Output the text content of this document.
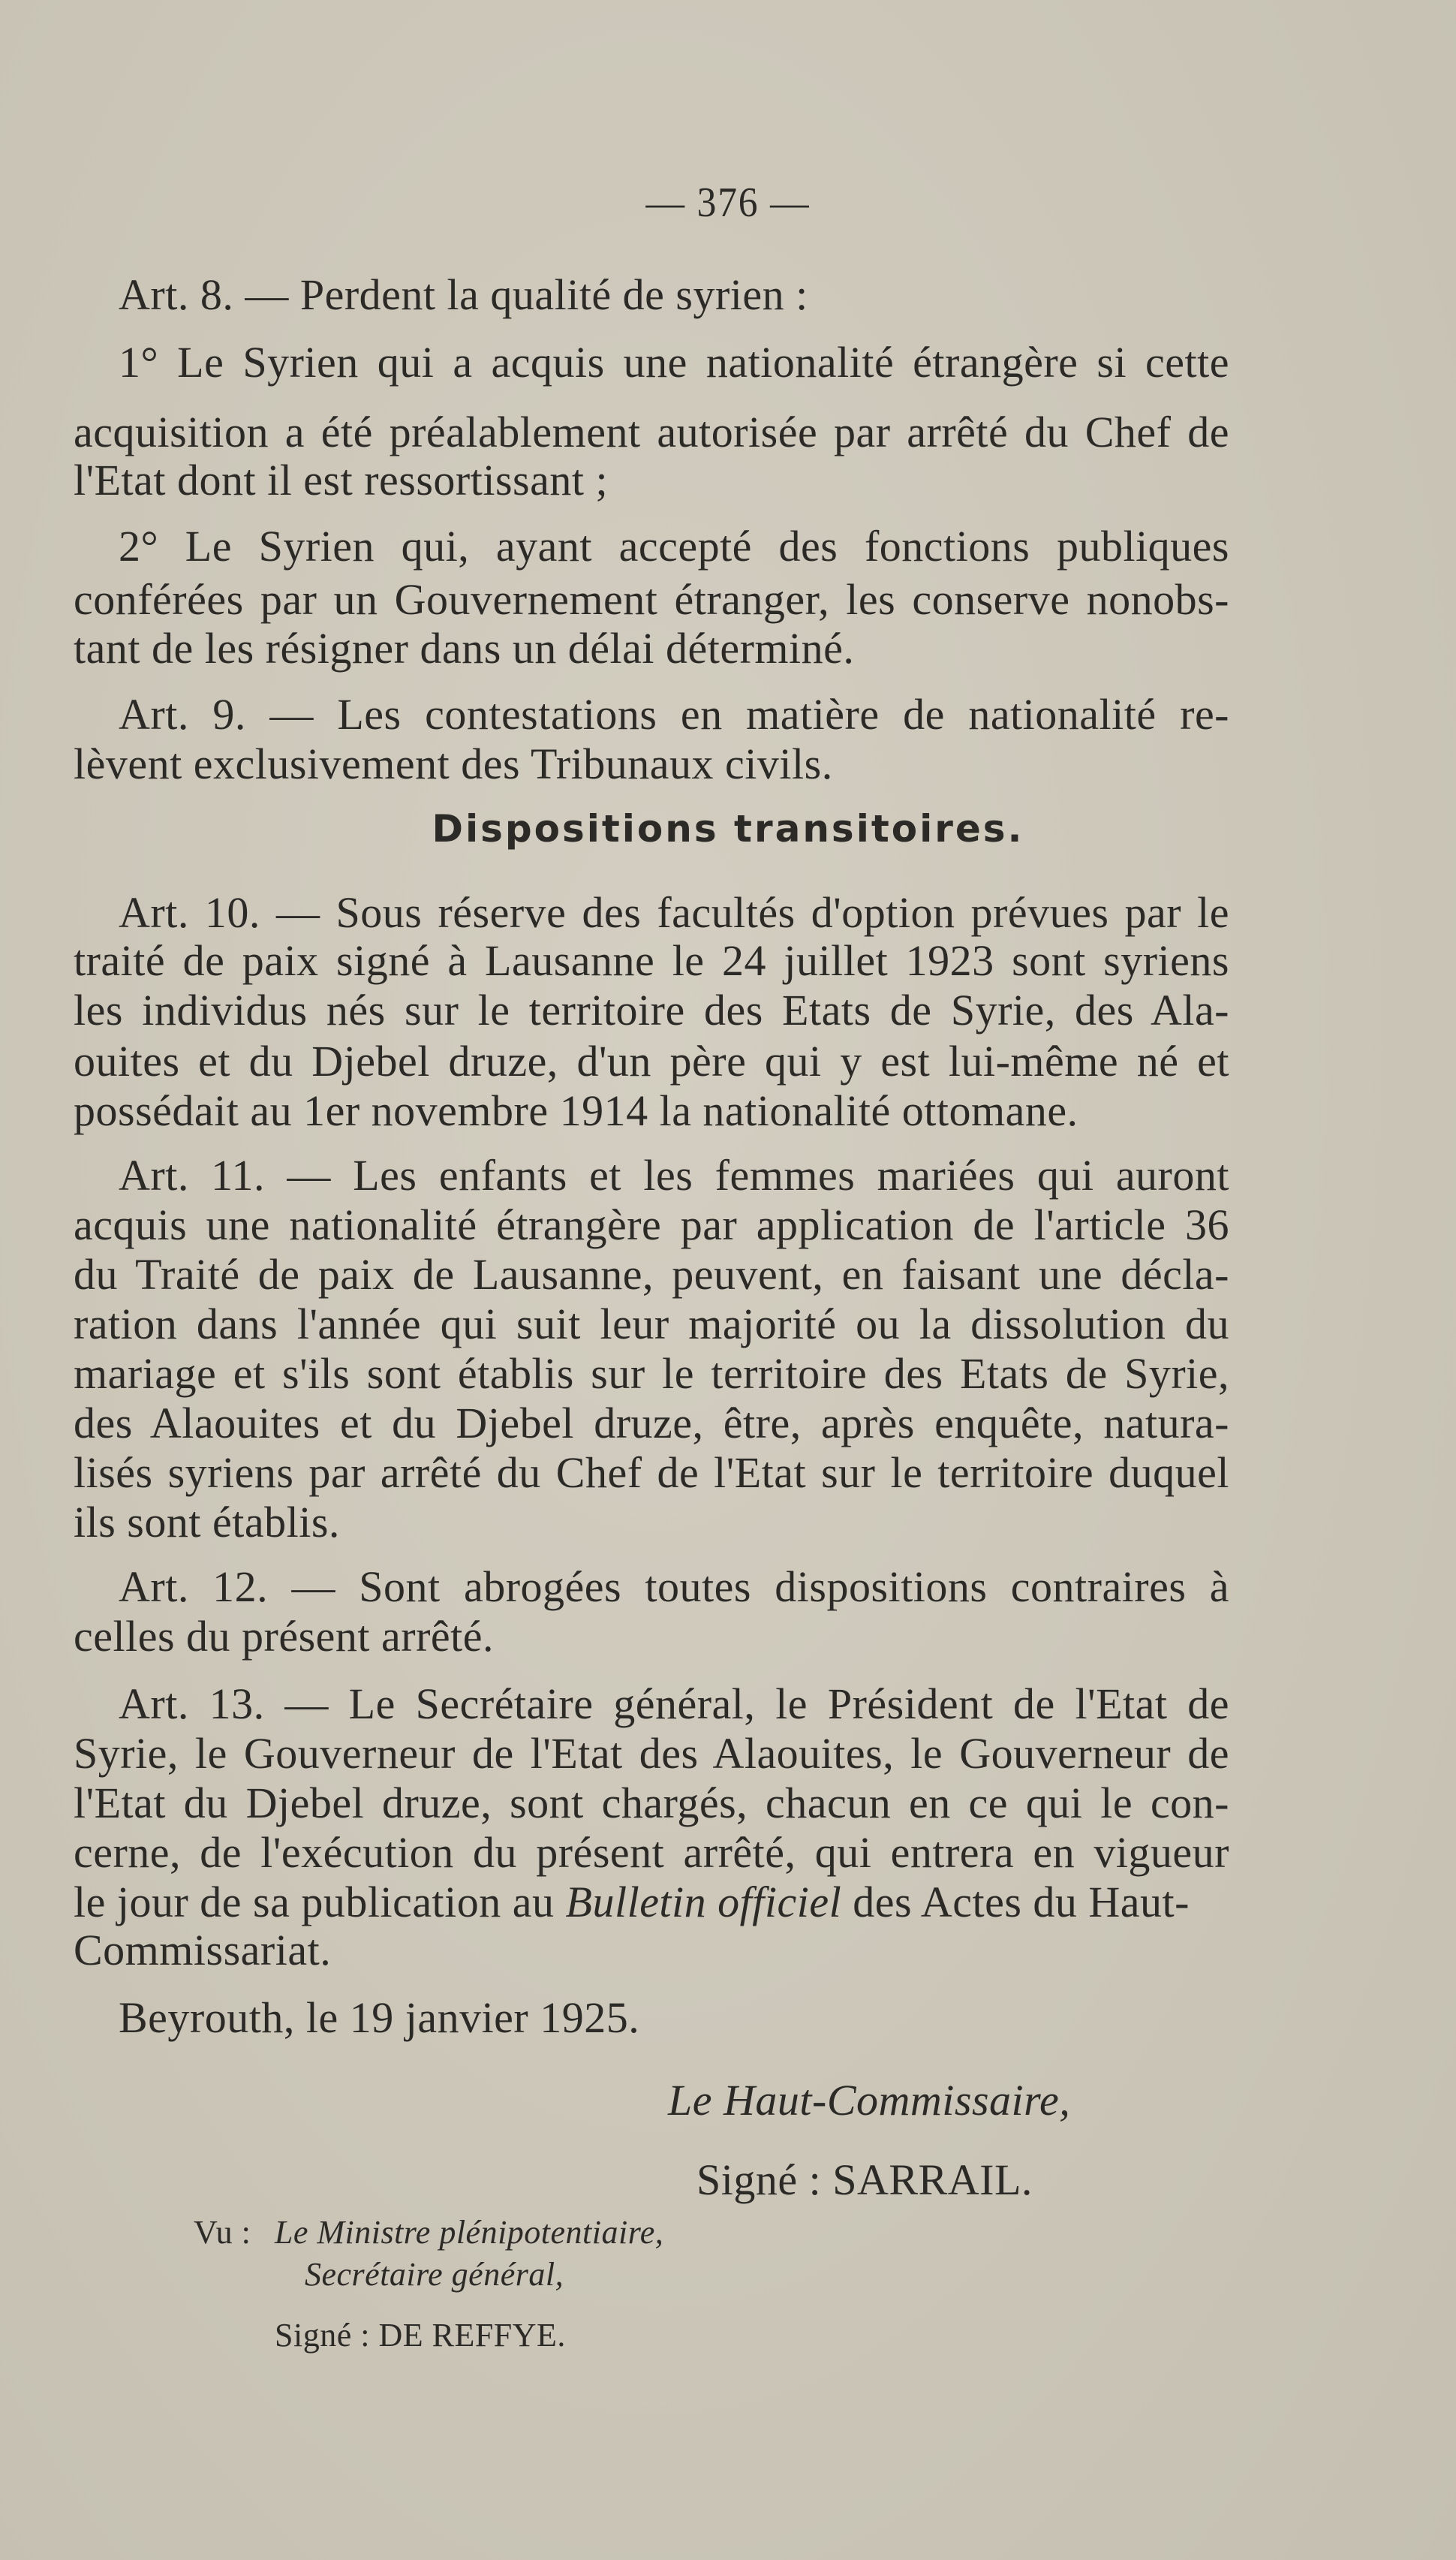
— 376 —
Art. 8. — Perdent la qualité de syrien :
1° Le Syrien qui a acquis une nationalité étrangère si cette
acquisition a été préalablement autorisée par arrêté du Chef de
l'Etat dont il est ressortissant ;
2° Le Syrien qui, ayant accepté des fonctions publiques
conférées par un Gouvernement étranger, les conserve nonobs-
tant de les résigner dans un délai déterminé.
Art. 9. — Les contestations en matière de nationalité re-
lèvent exclusivement des Tribunaux civils.
Dispositions transitoires.
Art. 10. — Sous réserve des facultés d'option prévues par le
traité de paix signé à Lausanne le 24 juillet 1923 sont syriens
les individus nés sur le territoire des Etats de Syrie, des Ala-
ouites et du Djebel druze, d'un père qui y est lui-même né et
possédait au 1er novembre 1914 la nationalité ottomane.
Art. 11. — Les enfants et les femmes mariées qui auront
acquis une nationalité étrangère par application de l'article 36
du Traité de paix de Lausanne, peuvent, en faisant une décla-
ration dans l'année qui suit leur majorité ou la dissolution du
mariage et s'ils sont établis sur le territoire des Etats de Syrie,
des Alaouites et du Djebel druze, être, après enquête, natura-
lisés syriens par arrêté du Chef de l'Etat sur le territoire duquel
ils sont établis.
Art. 12. — Sont abrogées toutes dispositions contraires à
celles du présent arrêté.
Art. 13. — Le Secrétaire général, le Président de l'Etat de
Syrie, le Gouverneur de l'Etat des Alaouites, le Gouverneur de
l'Etat du Djebel druze, sont chargés, chacun en ce qui le con-
cerne, de l'exécution du présent arrêté, qui entrera en vigueur
le jour de sa publication au Bulletin officiel des Actes du Haut-
Commissariat.
Beyrouth, le 19 janvier 1925.
Le Haut-Commissaire,
Signé : SARRAIL.
Vu : Le Ministre plénipotentiaire,
Secrétaire général,
Signé : DE REFFYE.
